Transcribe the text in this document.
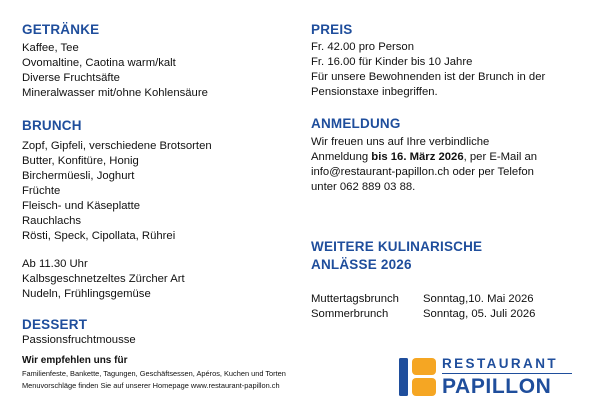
GETRÄNKE
Kaffee, Tee
Ovomaltine, Caotina warm/kalt
Diverse Fruchtsäfte
Mineralwasser mit/ohne Kohlensäure
BRUNCH
Zopf, Gipfeli, verschiedene Brotsorten
Butter, Konfitüre, Honig
Birchermüesli, Joghurt
Früchte
Fleisch- und Käseplatte
Rauchlachs
Rösti, Speck, Cipollata, Rührei
Ab 11.30 Uhr
Kalbsgeschnetzeltes Zürcher Art
Nudeln, Frühlingsgemüse
DESSERT
Passionsfruchtmousse
Wir empfehlen uns für
Familienfeste, Bankette, Tagungen, Geschäftsessen, Apéros, Kuchen und Torten
Menuvorschläge finden Sie auf unserer Homepage www.restaurant-papillon.ch
PREIS
Fr. 42.00 pro Person
Fr. 16.00 für Kinder bis 10 Jahre
Für unsere Bewohnenden ist der Brunch in der
Pensionstaxe inbegriffen.
ANMELDUNG
Wir freuen uns auf Ihre verbindliche
Anmeldung bis 16. März 2026, per E-Mail an
info@restaurant-papillon.ch oder per Telefon
unter 062 889 03 88.
WEITERE KULINARISCHE
ANLÄSSE 2026
Muttertagsbrunch Sonntag,10. Mai 2026
Sommerbrunch	Sonntag, 05. Juli 2026
RESTAURANT
PAPILLON
